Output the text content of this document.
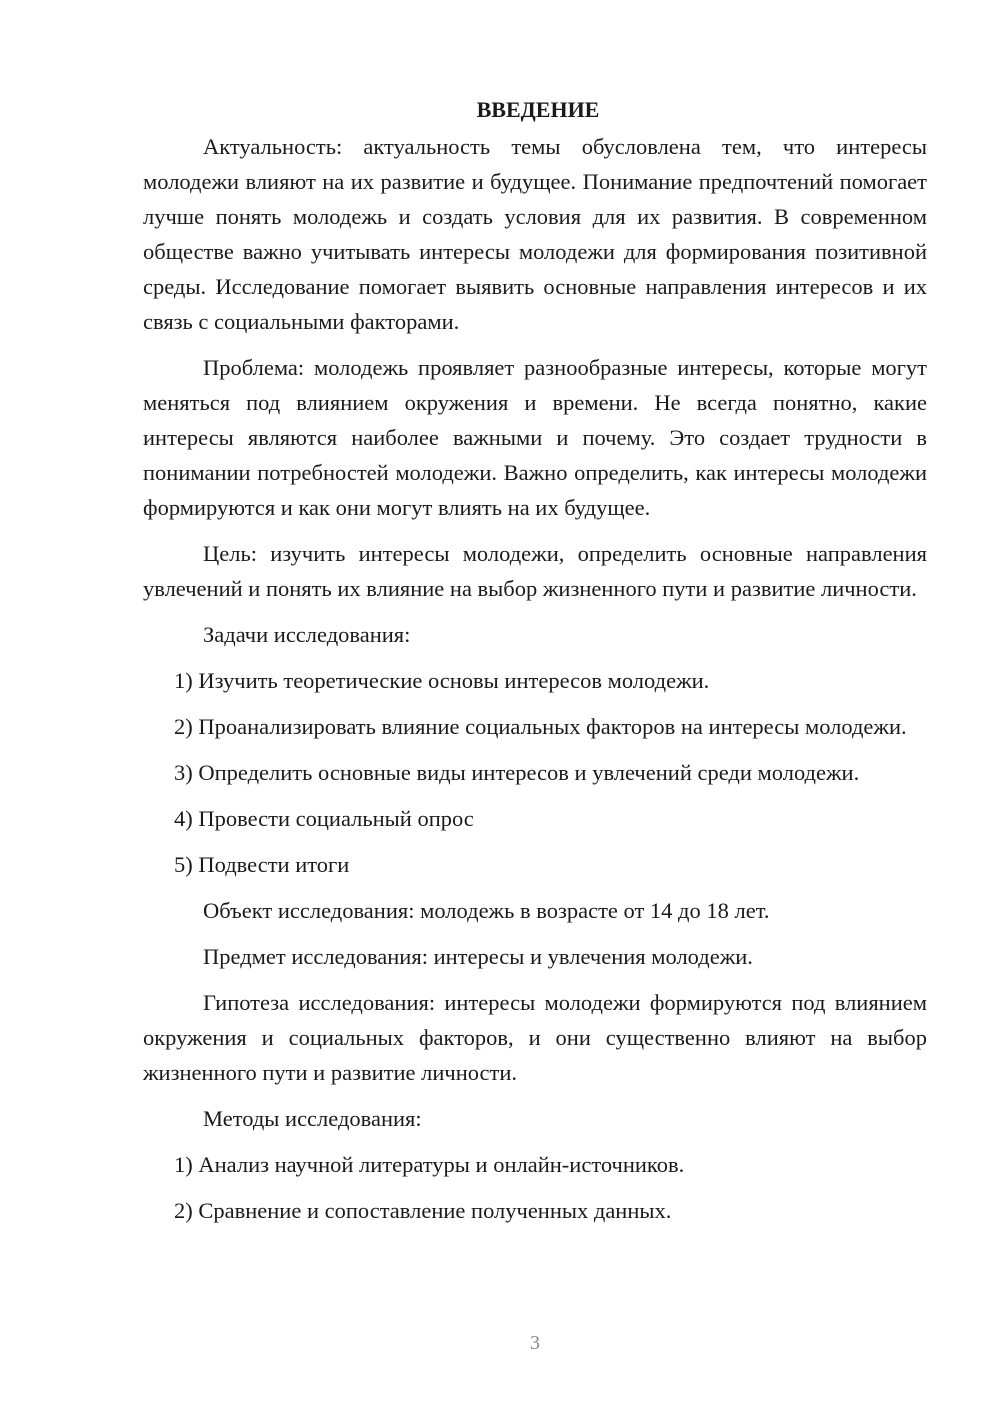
ВВЕДЕНИЕ

Актуальность: актуальность темы обусловлена тем, что интересы молодежи влияют на их развитие и будущее. Понимание предпочтений помогает лучше понять молодежь и создать условия для их развития. В современном обществе важно учитывать интересы молодежи для формирования позитивной среды. Исследование помогает выявить основные направления интересов и их связь с социальными факторами.

Проблема: молодежь проявляет разнообразные интересы, которые могут меняться под влиянием окружения и времени. Не всегда понятно, какие интересы являются наиболее важными и почему. Это создает трудности в понимании потребностей молодежи. Важно определить, как интересы молодежи формируются и как они могут влиять на их будущее.

Цель: изучить интересы молодежи, определить основные направления увлечений и понять их влияние на выбор жизненного пути и развитие личности.

Задачи исследования:

1) Изучить теоретические основы интересов молодежи.

2) Проанализировать влияние социальных факторов на интересы молодежи.

3) Определить основные виды интересов и увлечений среди молодежи.

4) Провести социальный опрос

5) Подвести итоги

Объект исследования: молодежь в возрасте от 14 до 18 лет.

Предмет исследования: интересы и увлечения молодежи.

Гипотеза исследования: интересы молодежи формируются под влиянием окружения и социальных факторов, и они существенно влияют на выбор жизненного пути и развитие личности.

Методы исследования:

1) Анализ научной литературы и онлайн-источников.

2) Сравнение и сопоставление полученных данных.

3
